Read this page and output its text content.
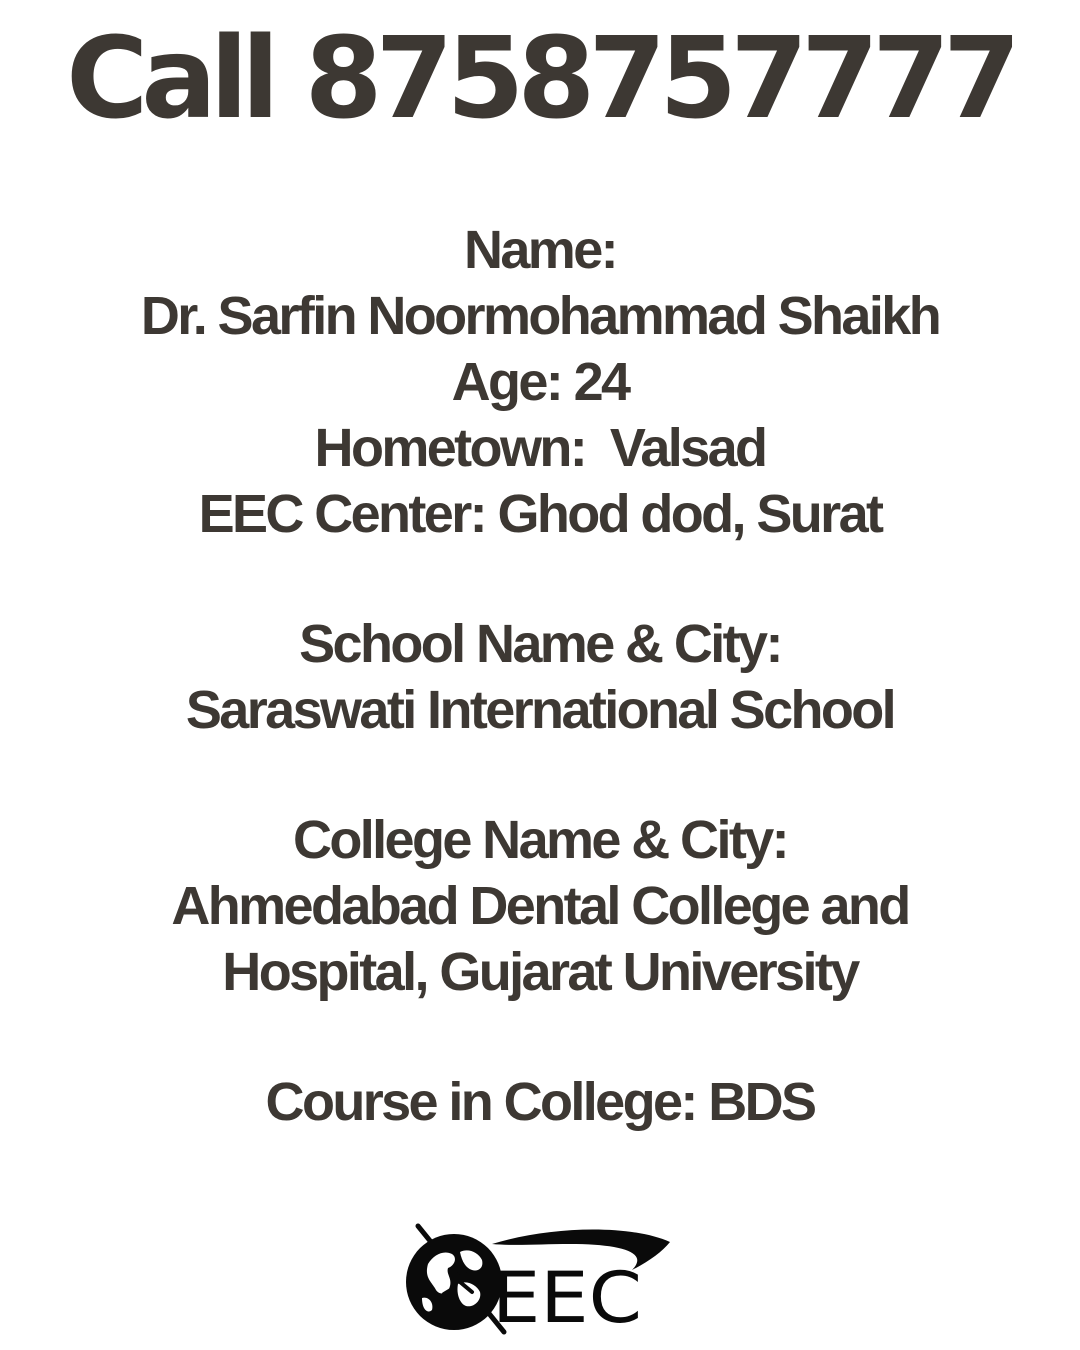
Call 8758757777
Name:
Dr. Sarfin Noormohammad Shaikh
Age: 24
Hometown:  Valsad
EEC Center: Ghod dod, Surat
School Name & City:
Saraswati International School
College Name & City:
Ahmedabad Dental College and
Hospital, Gujarat University
Course in College: BDS
EEC
